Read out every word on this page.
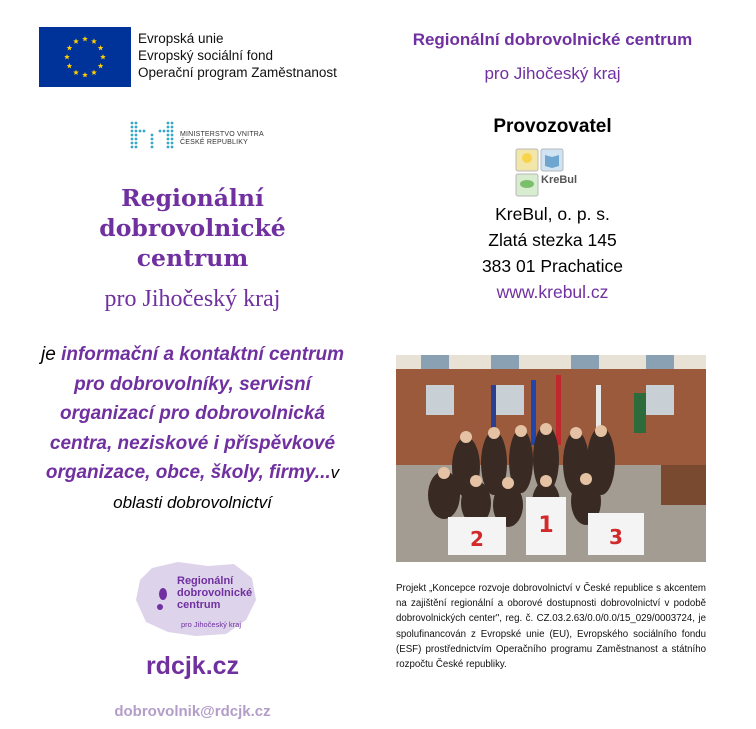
Evropská unie
Evropský sociální fond
Operační program Zaměstnanost
MINISTERSTVO VNITRA
ČESKÉ REPUBLIKY
Regionální
dobrovolnické
centrum
pro Jihočeský kraj
je informační a kontaktní centrum pro dobrovolníky, servisní organizací pro dobrovolnická centra, neziskové i příspěvkové organizace, obce, školy, firmy...v oblasti dobrovolnictví
Regionální
dobrovolnické
centrum
pro Jihočeský kraj
rdcjk.cz
dobrovolnik@rdcjk.cz
Regionální dobrovolnické centrum
pro Jihočeský kraj
Provozovatel
KreBul
KreBul, o. p. s.
Zlatá stezka 145
383 01 Prachatice
www.krebul.cz
2
1	3
Projekt „Koncepce rozvoje dobrovolnictví v České republice s akcentem na zajištění regionální a oborové dostupnosti dobrovolnictví v podobě dobrovolnických center", reg. č. CZ.03.2.63/0.0/0.0/15_029/0003724, je spolufinancován z Evropské unie (EU), Evropského sociálního fondu (ESF) prostřednictvím Operačního programu Zaměstnanost a státního rozpočtu České republiky.
